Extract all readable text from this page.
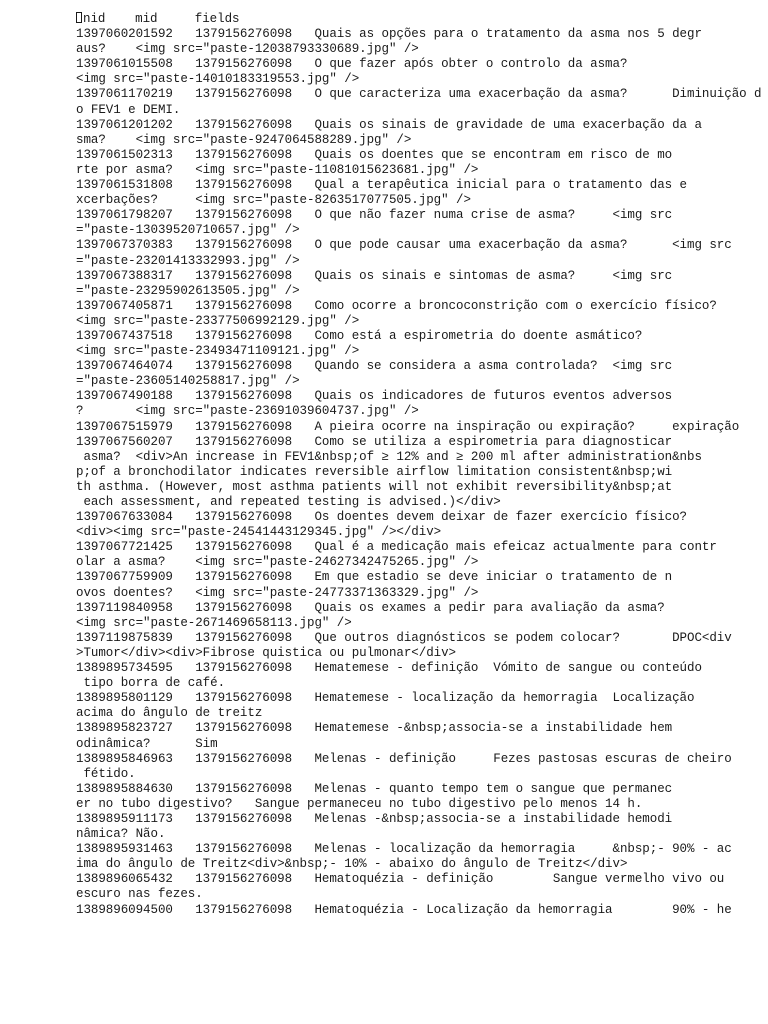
nid    mid     fields
1397060201592   1379156276098   Quais as opções para o tratamento da asma nos 5 degr
aus?    <img src="paste-12038793330689.jpg" />
1397061015508   1379156276098   O que fazer após obter o controlo da asma?
<img src="paste-14010183319553.jpg" />
1397061170219   1379156276098   O que caracteriza uma exacerbação da asma?      Diminuição d
o FEV1 e DEMI.
1397061201202   1379156276098   Quais os sinais de gravidade de uma exacerbação da a
sma?    <img src="paste-9247064588289.jpg" />
1397061502313   1379156276098   Quais os doentes que se encontram em risco de mo
rte por asma?   <img src="paste-11081015623681.jpg" />
1397061531808   1379156276098   Qual a terapêutica inicial para o tratamento das e
xcerbações?     <img src="paste-8263517077505.jpg" />
1397061798207   1379156276098   O que não fazer numa crise de asma?     <img src
="paste-13039520710657.jpg" />
1397067370383   1379156276098   O que pode causar uma exacerbação da asma?      <img src
="paste-23201413332993.jpg" />
1397067388317   1379156276098   Quais os sinais e sintomas de asma?     <img src
="paste-23295902613505.jpg" />
1397067405871   1379156276098   Como ocorre a broncoconstrição com o exercício físico?
<img src="paste-23377506992129.jpg" />
1397067437518   1379156276098   Como está a espirometria do doente asmático?
<img src="paste-23493471109121.jpg" />
1397067464074   1379156276098   Quando se considera a asma controlada?  <img src
="paste-23605140258817.jpg" />
1397067490188   1379156276098   Quais os indicadores de futuros eventos adversos
?       <img src="paste-23691039604737.jpg" />
1397067515979   1379156276098   A pieira ocorre na inspiração ou expiração?     expiração
1397067560207   1379156276098   Como se utiliza a espirometria para diagnosticar
asma?  <div>An increase in FEV1&nbsp;of ≥ 12% and ≥ 200 ml after administration&nbs
p;of a bronchodilator indicates reversible airflow limitation consistent&nbsp;wi
th asthma. (However, most asthma patients will not exhibit reversibility&nbsp;at
each assessment, and repeated testing is advised.)</div>
1397067633084   1379156276098   Os doentes devem deixar de fazer exercício físico?
<div><img src="paste-24541443129345.jpg" /></div>
1397067721425   1379156276098   Qual é a medicação mais efeicaz actualmente para contr
olar a asma?    <img src="paste-24627342475265.jpg" />
1397067759909   1379156276098   Em que estadio se deve iniciar o tratamento de n
ovos doentes?   <img src="paste-24773371363329.jpg" />
1397119840958   1379156276098   Quais os exames a pedir para avaliação da asma?
<img src="paste-2671469658113.jpg" />
1397119875839   1379156276098   Que outros diagnósticos se podem colocar?       DPOC<div
>Tumor</div><div>Fibrose quistica ou pulmonar</div>
1389895734595   1379156276098   Hematemese - definição  Vómito de sangue ou conteúdo
tipo borra de café.
1389895801129   1379156276098   Hematemese - localização da hemorragia  Localização
acima do ângulo de treitz
1389895823727   1379156276098   Hematemese -&nbsp;associa-se a instabilidade hem
odinâmica?      Sim
1389895846963   1379156276098   Melenas - definição     Fezes pastosas escuras de cheiro
fétido.
1389895884630   1379156276098   Melenas - quanto tempo tem o sangue que permanec
er no tubo digestivo?   Sangue permaneceu no tubo digestivo pelo menos 14 h.
1389895911173   1379156276098   Melenas -&nbsp;associa-se a instabilidade hemodi
nâmica? Não.
1389895931463   1379156276098   Melenas - localização da hemorragia     &nbsp;- 90% - ac
ima do ângulo de Treitz<div>&nbsp;- 10% - abaixo do ângulo de Treitz</div>
1389896065432   1379156276098   Hematoquézia - definição        Sangue vermelho vivo ou
escuro nas fezes.
1389896094500   1379156276098   Hematoquézia - Localização da hemorragia        90% - he
